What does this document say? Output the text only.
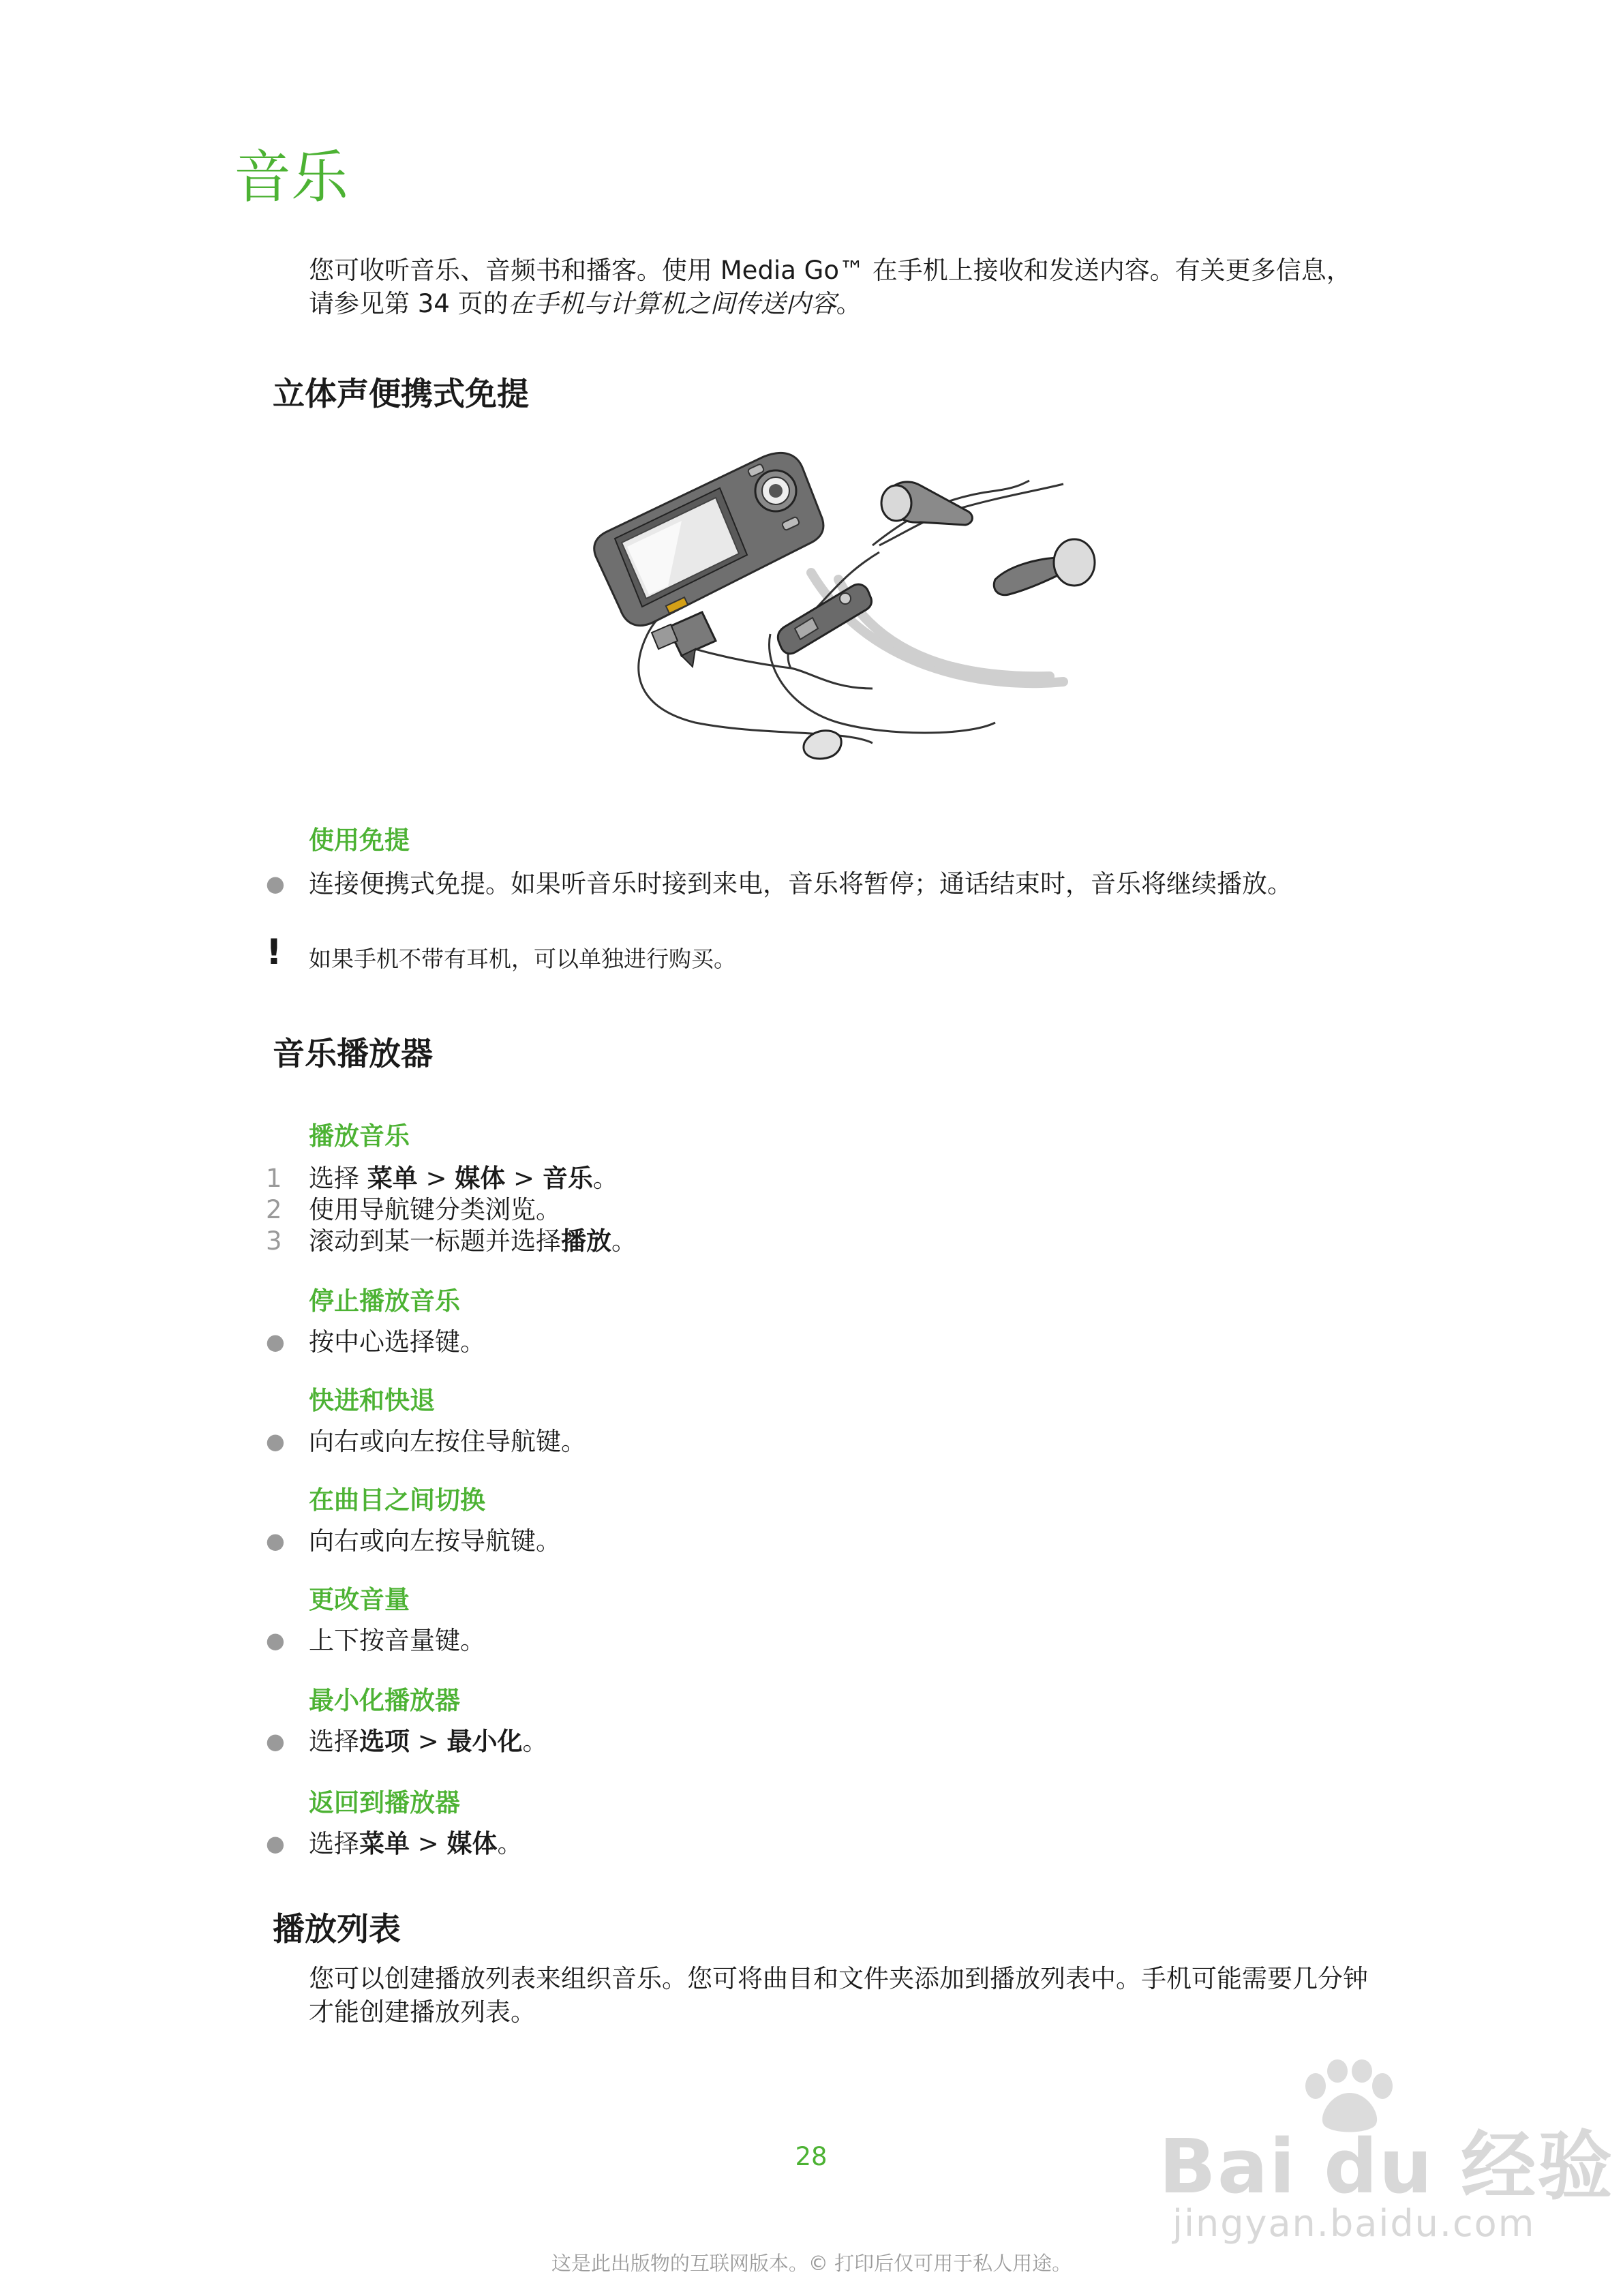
音乐
您可收听音乐、音频书和播客。使用 Media Go™ 在手机上接收和发送内容。有关更多信息，请参见第 34 页的在手机与计算机之间传送内容。
立体声便携式免提
使用免提
● 连接便携式免提。如果听音乐时接到来电，音乐将暂停；通话结束时，音乐将继续播放。
! 如果手机不带有耳机，可以单独进行购买。
音乐播放器
播放音乐
1 选择 菜单 > 媒体 > 音乐。
2 使用导航键分类浏览。
3 滚动到某一标题并选择播放。
停止播放音乐
● 按中心选择键。
快进和快退
● 向右或向左按住导航键。
在曲目之间切换
● 向右或向左按导航键。
更改音量
● 上下按音量键。
最小化播放器
● 选择选项 > 最小化。
返回到播放器
● 选择菜单 > 媒体。
播放列表
您可以创建播放列表来组织音乐。您可将曲目和文件夹添加到播放列表中。手机可能需要几分钟才能创建播放列表。
Bai du 经验
jingyan.baidu.com
28
这是此出版物的互联网版本。© 打印后仅可用于私人用途。
